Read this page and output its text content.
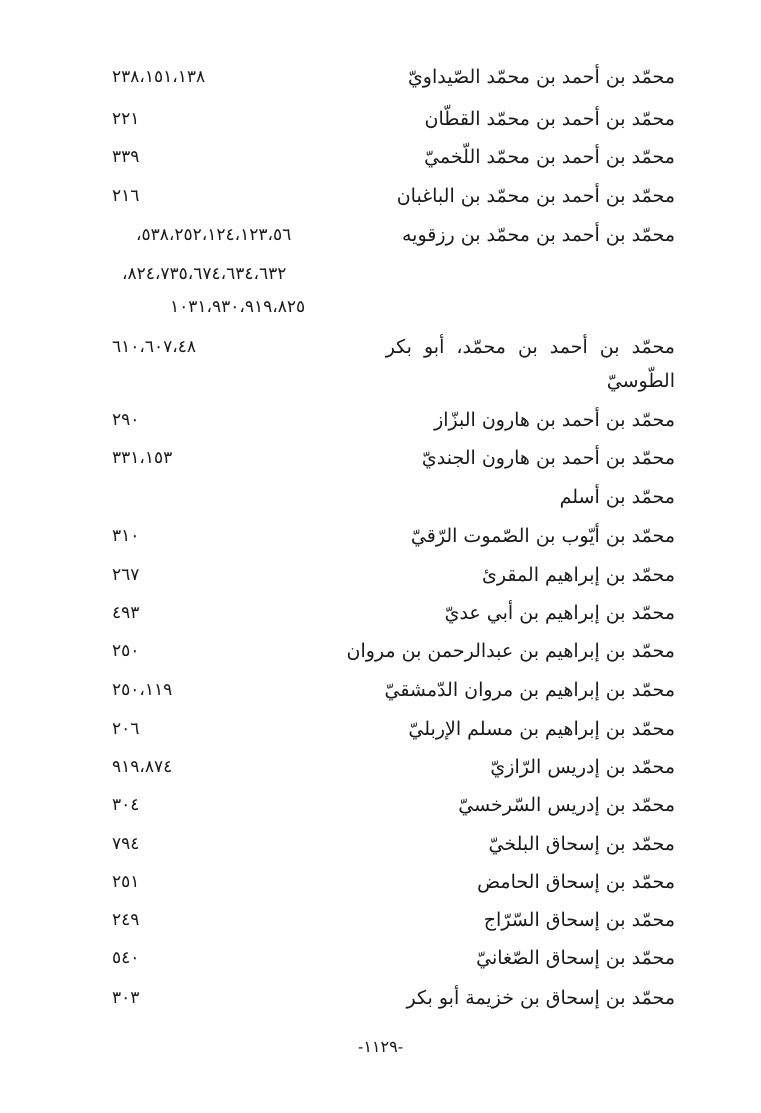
محمّد بن أحمد بن محمّد الصّيداويّ
٢٣٨،١٥١،١٣٨
محمّد بن أحمد بن محمّد القطّان
٢٢١
محمّد بن أحمد بن محمّد اللّخميّ
٣٣٩
محمّد بن أحمد بن محمّد بن الباغبان
٢١٦
محمّد بن أحمد بن محمّد بن رزقويه
٥٣٨،٢٥٢،١٢٤،١٢٣،٥٦،
٨٢٤،٧٣٥،٦٧٤،٦٣٤،٦٣٢،
١٠٣١،٩٣٠،٩١٩،٨٢٥
محمّد بن أحمد بن محمّد، أبو بكر
٦١٠،٦٠٧،٤٨
الطّوسيّ
محمّد بن أحمد بن هارون البزّاز
٢٩٠
محمّد بن أحمد بن هارون الجنديّ
٣٣١،١٥٣
محمّد بن أسلم
محمّد بن أيّوب بن الصّموت الرّقيّ
٣١٠
محمّد بن إبراهيم المقرئ
٢٦٧
محمّد بن إبراهيم بن أبي عديّ
٤٩٣
محمّد بن إبراهيم بن عبدالرحمن بن مروان
٢٥٠
محمّد بن إبراهيم بن مروان الدّمشقيّ
٢٥٠،١١٩
محمّد بن إبراهيم بن مسلم الإربليّ
٢٠٦
محمّد بن إدريس الرّازيّ
٩١٩،٨٧٤
محمّد بن إدريس السّرخسيّ
٣٠٤
محمّد بن إسحاق البلخيّ
٧٩٤
محمّد بن إسحاق الحامض
٢٥١
محمّد بن إسحاق السّرّاج
٢٤٩
محمّد بن إسحاق الصّغانيّ
٥٤٠
محمّد بن إسحاق بن خزيمة أبو بكر
٣٠٣
-١١٢٩-
